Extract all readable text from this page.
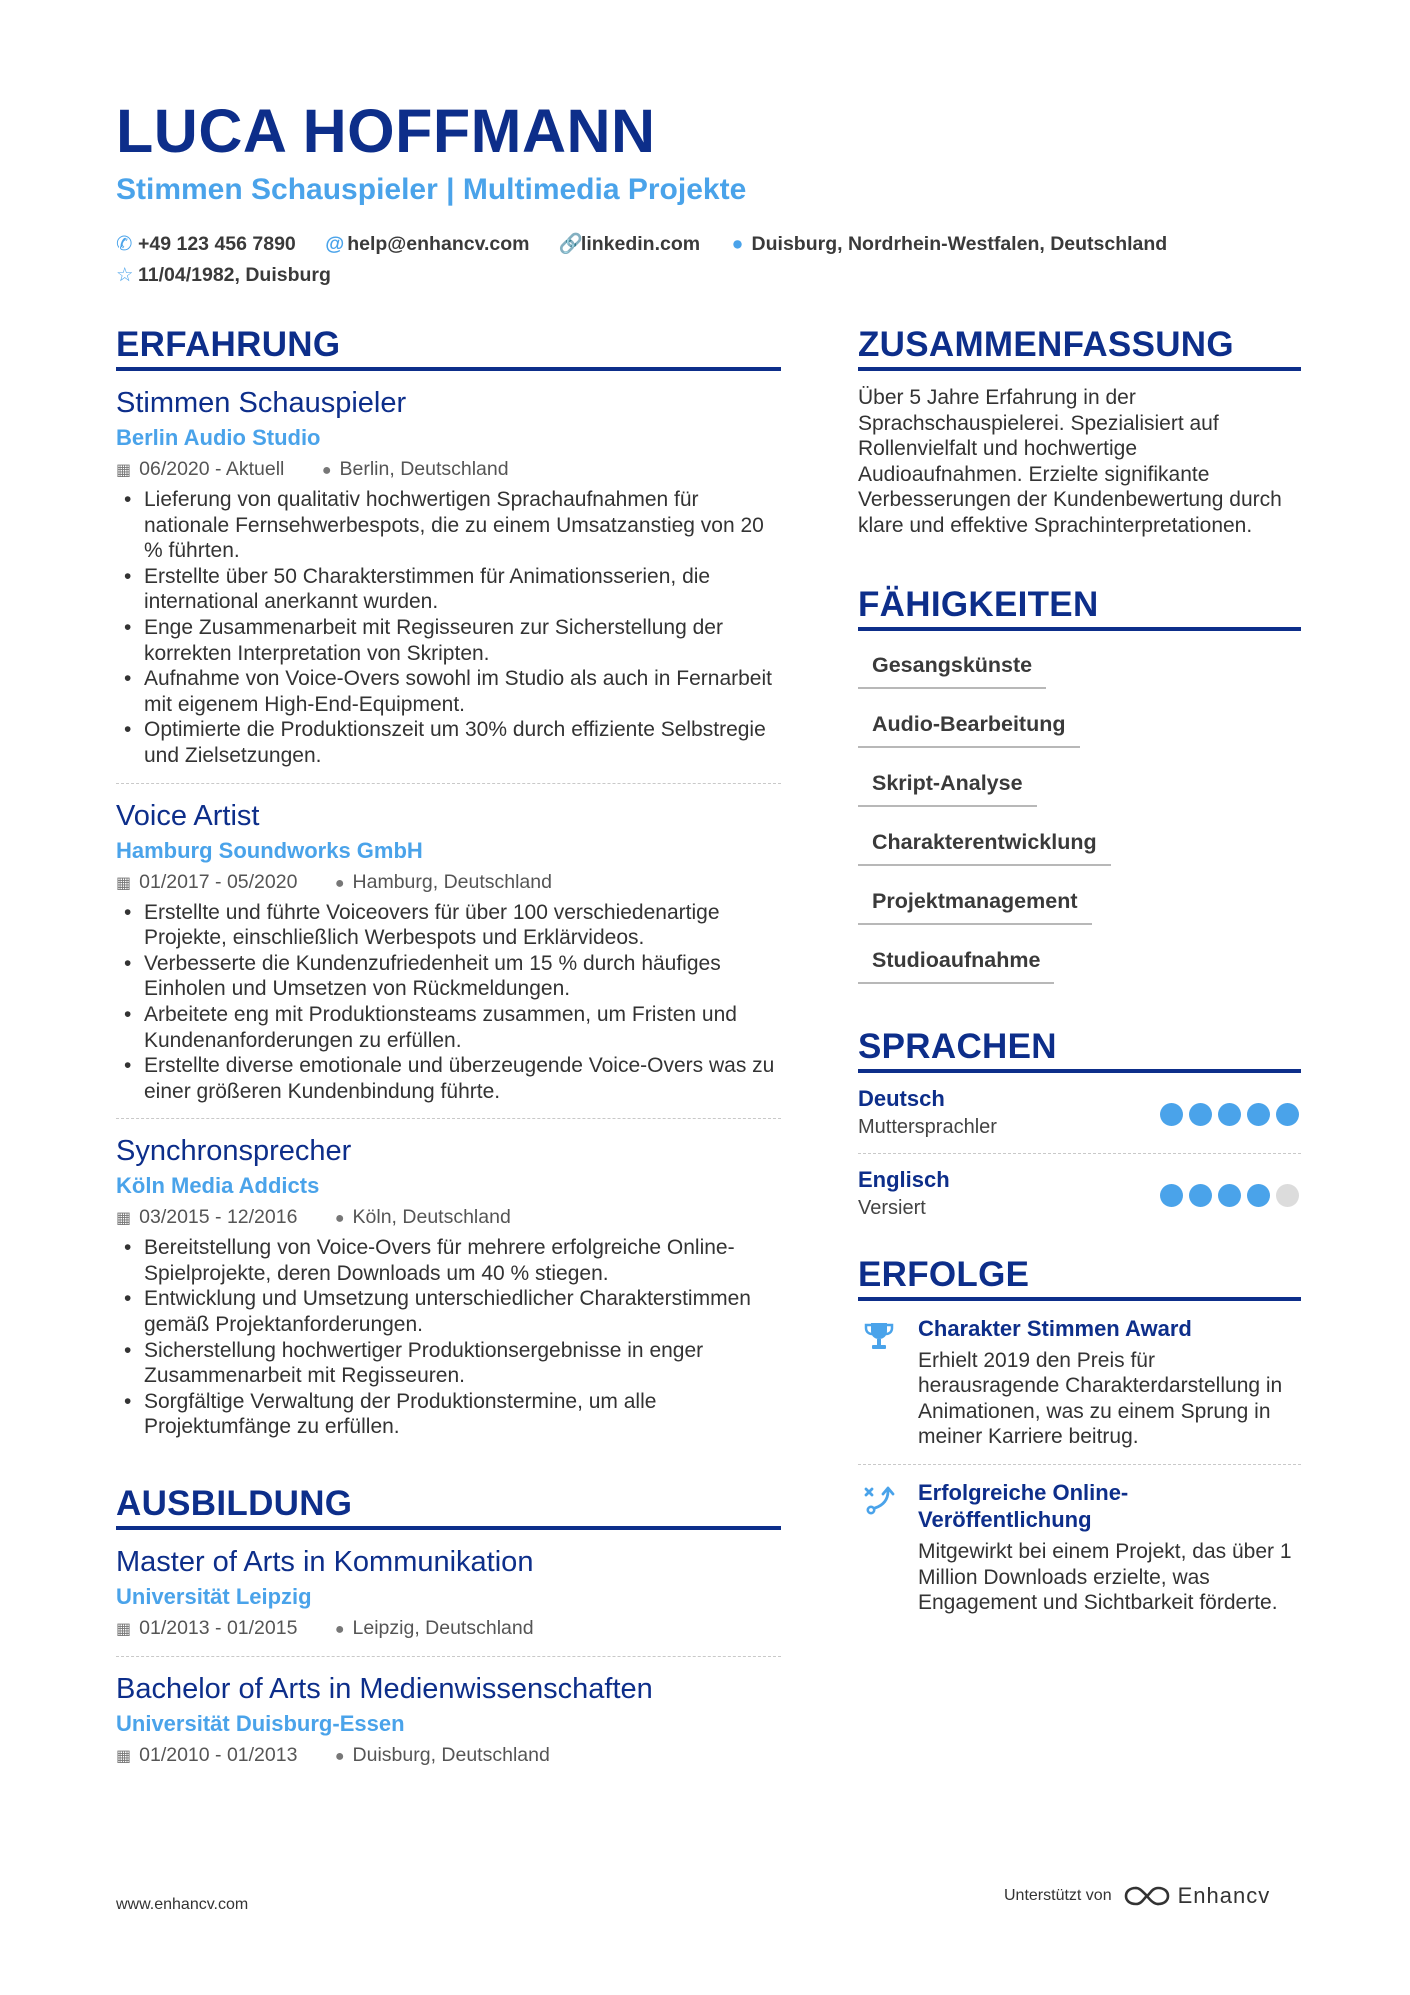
LUCA HOFFMANN
Stimmen Schauspieler | Multimedia Projekte
✆ +49 123 456 7890 @ help@enhancv.com 🔗linkedin.com ● Duisburg, Nordrhein-Westfalen, Deutschland
☆ 11/04/1982, Duisburg
ERFAHRUNG
Stimmen Schauspieler
Berlin Audio Studio
▦ 06/2020 - Aktuell ● Berlin, Deutschland
• Lieferung von qualitativ hochwertigen Sprachaufnahmen für nationale Fernsehwerbespots, die zu einem Umsatzanstieg von 20 % führten.
• Erstellte über 50 Charakterstimmen für Animationsserien, die international anerkannt wurden.
• Enge Zusammenarbeit mit Regisseuren zur Sicherstellung der korrekten Interpretation von Skripten.
• Aufnahme von Voice-Overs sowohl im Studio als auch in Fernarbeit mit eigenem High-End-Equipment.
• Optimierte die Produktionszeit um 30% durch effiziente Selbstregie und Zielsetzungen.
Voice Artist
Hamburg Soundworks GmbH
▦ 01/2017 - 05/2020 ● Hamburg, Deutschland
• Erstellte und führte Voiceovers für über 100 verschiedenartige Projekte, einschließlich Werbespots und Erklärvideos.
• Verbesserte die Kundenzufriedenheit um 15 % durch häufiges Einholen und Umsetzen von Rückmeldungen.
• Arbeitete eng mit Produktionsteams zusammen, um Fristen und Kundenanforderungen zu erfüllen.
• Erstellte diverse emotionale und überzeugende Voice-Overs was zu einer größeren Kundenbindung führte.
Synchronsprecher
Köln Media Addicts
▦ 03/2015 - 12/2016 ● Köln, Deutschland
• Bereitstellung von Voice-Overs für mehrere erfolgreiche Online-Spielprojekte, deren Downloads um 40 % stiegen.
• Entwicklung und Umsetzung unterschiedlicher Charakterstimmen gemäß Projektanforderungen.
• Sicherstellung hochwertiger Produktionsergebnisse in enger Zusammenarbeit mit Regisseuren.
• Sorgfältige Verwaltung der Produktionstermine, um alle Projektumfänge zu erfüllen.
AUSBILDUNG
Master of Arts in Kommunikation
Universität Leipzig
▦ 01/2013 - 01/2015 ● Leipzig, Deutschland
Bachelor of Arts in Medienwissenschaften
Universität Duisburg-Essen
▦ 01/2010 - 01/2013 ● Duisburg, Deutschland
ZUSAMMENFASSUNG
Über 5 Jahre Erfahrung in der Sprachschauspielerei. Spezialisiert auf Rollenvielfalt und hochwertige Audioaufnahmen. Erzielte signifikante Verbesserungen der Kundenbewertung durch klare und effektive Sprachinterpretationen.
FÄHIGKEITEN
Gesangskünste
Audio-Bearbeitung
Skript-Analyse
Charakterentwicklung
Projektmanagement
Studioaufnahme
SPRACHEN
Deutsch
Muttersprachler
Englisch
Versiert
ERFOLGE
Charakter Stimmen Award
Erhielt 2019 den Preis für herausragende Charakterdarstellung in Animationen, was zu einem Sprung in meiner Karriere beitrug.
Erfolgreiche Online-Veröffentlichung
Mitgewirkt bei einem Projekt, das über 1 Million Downloads erzielte, was Engagement und Sichtbarkeit förderte.
www.enhancv.com
Unterstützt von	Enhancv
